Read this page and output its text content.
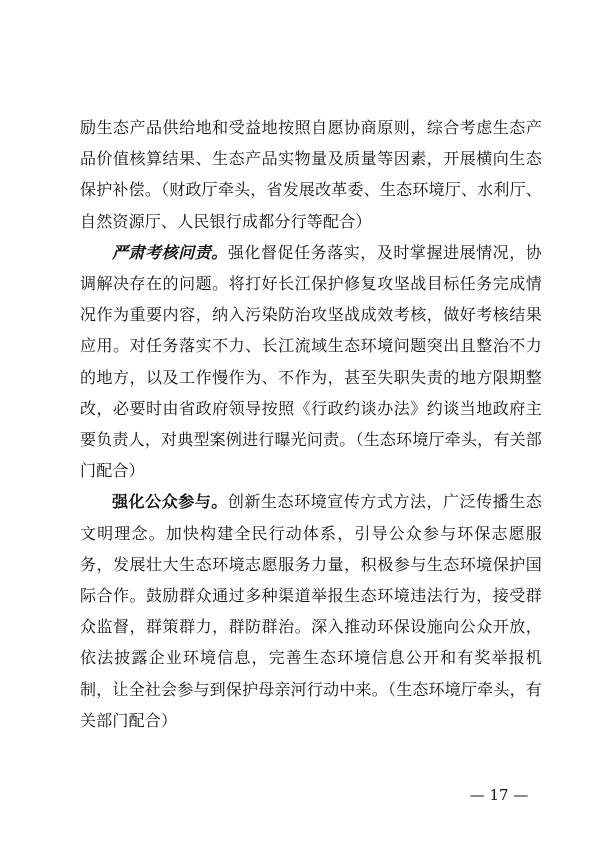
励生态产品供给地和受益地按照自愿协商原则，综合考虑生态产品价值核算结果、生态产品实物量及质量等因素，开展横向生态保护补偿。（财政厅牵头，省发展改革委、生态环境厅、水利厅、自然资源厅、人民银行成都分行等配合）

严肃考核问责。强化督促任务落实，及时掌握进展情况，协调解决存在的问题。将打好长江保护修复攻坚战目标任务完成情况作为重要内容，纳入污染防治攻坚战成效考核，做好考核结果应用。对任务落实不力、长江流域生态环境问题突出且整治不力的地方，以及工作慢作为、不作为，甚至失职失责的地方限期整改，必要时由省政府领导按照《行政约谈办法》约谈当地政府主要负责人，对典型案例进行曝光问责。（生态环境厅牵头，有关部门配合）

强化公众参与。创新生态环境宣传方式方法，广泛传播生态文明理念。加快构建全民行动体系，引导公众参与环保志愿服务，发展壮大生态环境志愿服务力量，积极参与生态环境保护国际合作。鼓励群众通过多种渠道举报生态环境违法行为，接受群众监督，群策群力，群防群治。深入推动环保设施向公众开放，依法披露企业环境信息，完善生态环境信息公开和有奖举报机制，让全社会参与到保护母亲河行动中来。（生态环境厅牵头，有关部门配合）

— 17 —
